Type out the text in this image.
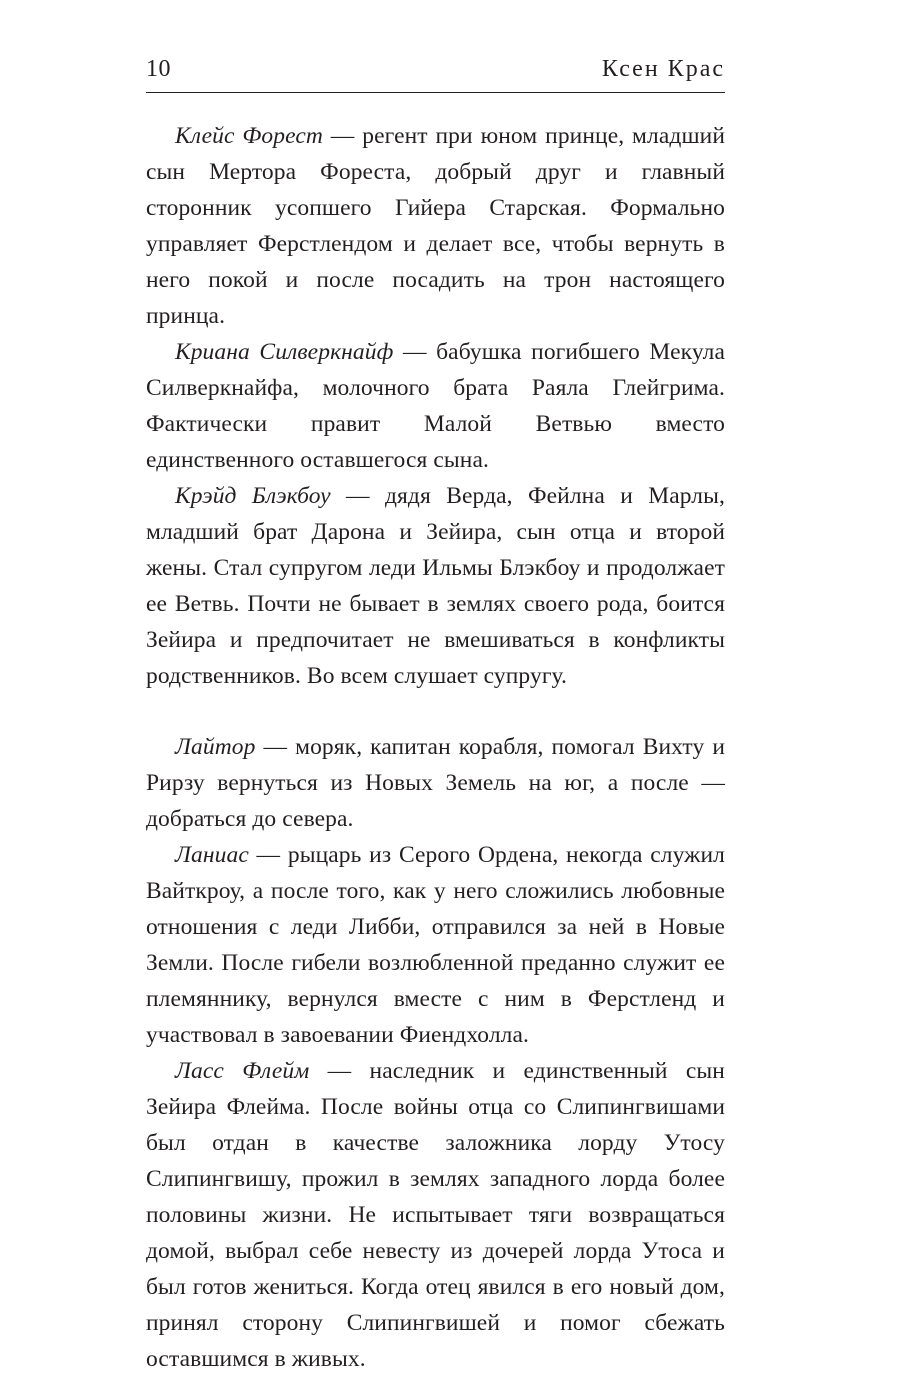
10	Ксен Крас

Клейс Форест — регент при юном принце, младший сын Мертора Фореста, добрый друг и главный сторонник усопшего Гийера Старская. Формально управляет Ферстлендом и делает все, чтобы вернуть в него покой и после посадить на трон настоящего принца.

Криана Силверкнайф — бабушка погибшего Мекула Силверкнайфа, молочного брата Раяла Глейгрима. Фактически правит Малой Ветвью вместо единственного оставшегося сына.

Крэйд Блэкбоу — дядя Верда, Фейлна и Марлы, младший брат Дарона и Зейира, сын отца и второй жены. Стал супругом леди Ильмы Блэкбоу и продолжает ее Ветвь. Почти не бывает в землях своего рода, боится Зейира и предпочитает не вмешиваться в конфликты родственников. Во всем слушает супругу.

Лайтор — моряк, капитан корабля, помогал Вихту и Рирзу вернуться из Новых Земель на юг, а после — добраться до севера.

Ланиас — рыцарь из Серого Ордена, некогда служил Вайткроу, а после того, как у него сложились любовные отношения с леди Либби, отправился за ней в Новые Земли. После гибели возлюбленной преданно служит ее племяннику, вернулся вместе с ним в Ферстленд и участвовал в завоевании Фиендхолла.

Ласс Флейм — наследник и единственный сын Зейира Флейма. После войны отца со Слипингвишами был отдан в качестве заложника лорду Утосу Слипингвишу, прожил в землях западного лорда более половины жизни. Не испытывает тяги возвращаться домой, выбрал себе невесту из дочерей лорда Утоса и был готов жениться. Когда отец явился в его новый дом, принял сторону Слипингвишей и помог сбежать оставшимся в живых.
